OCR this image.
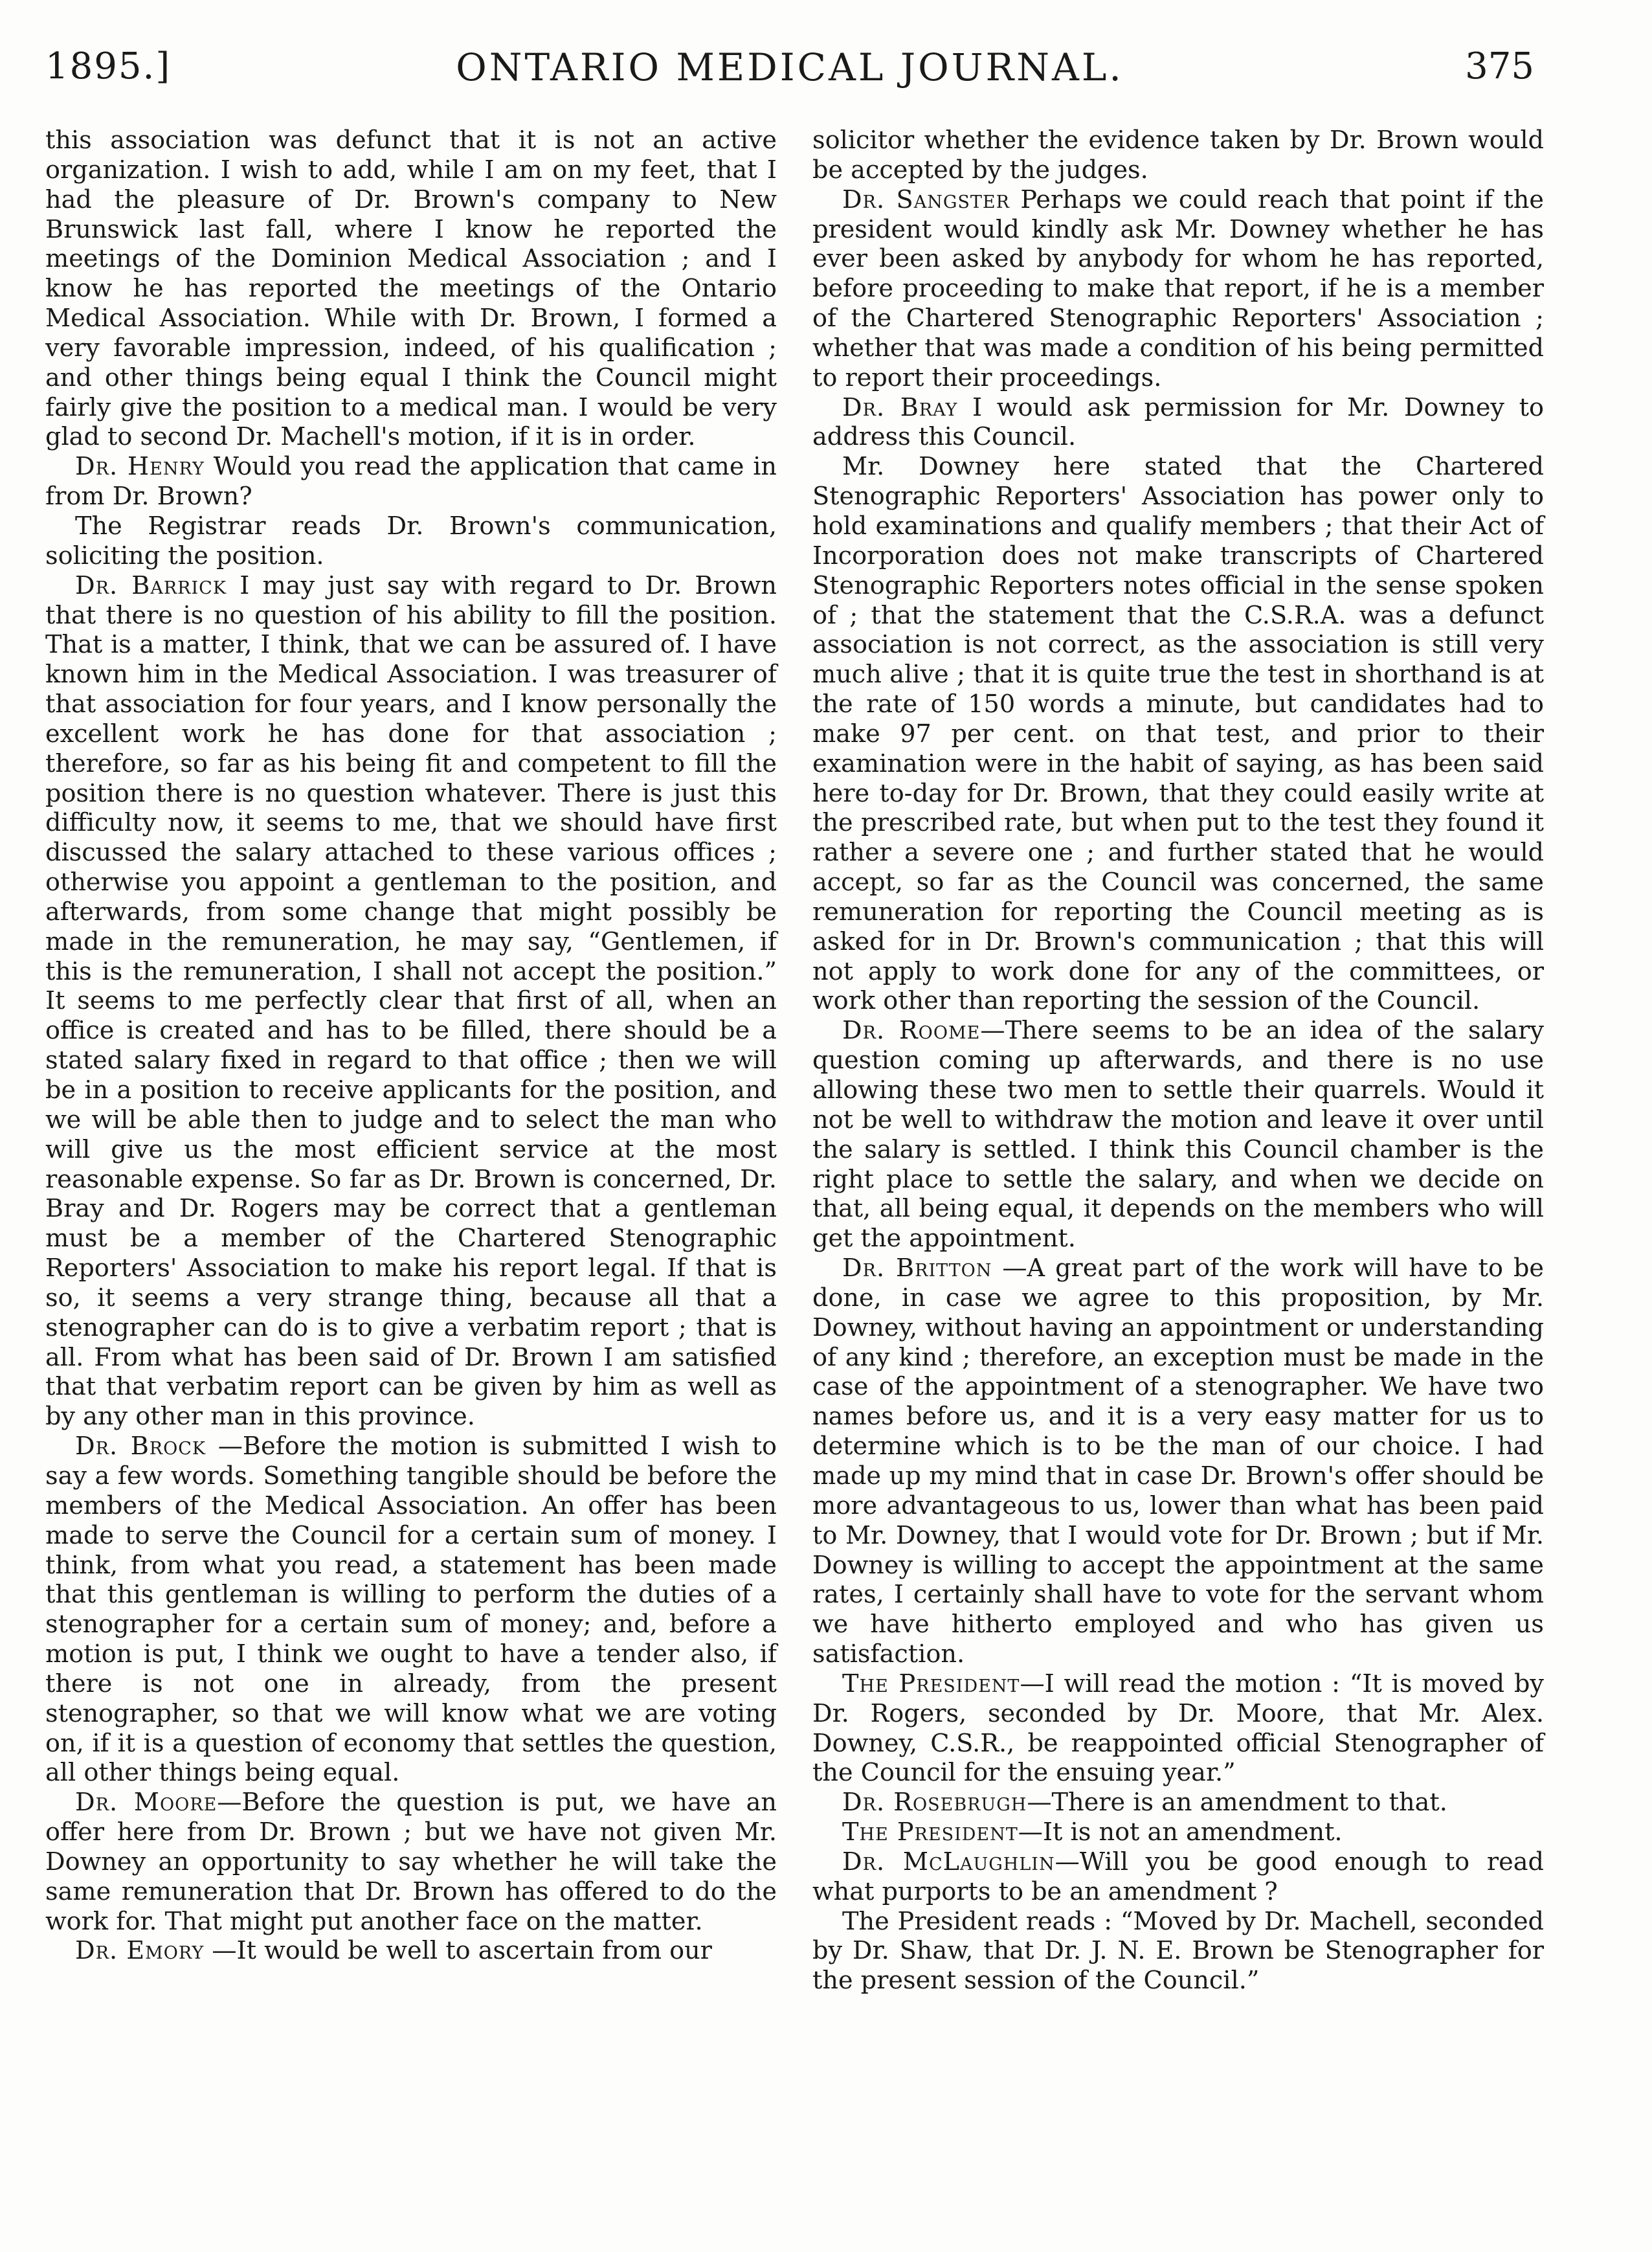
1895.]	ONTARIO MEDICAL JOURNAL.	375

this association was defunct that it is not an active organization. I wish to add, while I am on my feet, that I had the pleasure of Dr. Brown's company to New Brunswick last fall, where I know he reported the meetings of the Dominion Medical Association ; and I know he has reported the meetings of the Ontario Medical Association. While with Dr. Brown, I formed a very favorable impression, indeed, of his qualification ; and other things being equal I think the Council might fairly give the position to a medical man. I would be very glad to second Dr. Machell's motion, if it is in order.

Dr. Henry Would you read the application that came in from Dr. Brown?

The Registrar reads Dr. Brown's communication, soliciting the position.

Dr. Barrick I may just say with regard to Dr. Brown that there is no question of his ability to fill the position. That is a matter, I think, that we can be assured of. I have known him in the Medical Association. I was treasurer of that association for four years, and I know personally the excellent work he has done for that association ; therefore, so far as his being fit and competent to fill the position there is no question whatever. There is just this difficulty now, it seems to me, that we should have first discussed the salary attached to these various offices ; otherwise you appoint a gentleman to the position, and afterwards, from some change that might possibly be made in the remuneration, he may say, “Gentlemen, if this is the remuneration, I shall not accept the position.” It seems to me perfectly clear that first of all, when an office is created and has to be filled, there should be a stated salary fixed in regard to that office ; then we will be in a position to receive applicants for the position, and we will be able then to judge and to select the man who will give us the most efficient service at the most reasonable expense. So far as Dr. Brown is concerned, Dr. Bray and Dr. Rogers may be correct that a gentleman must be a member of the Chartered Stenographic Reporters' Association to make his report legal. If that is so, it seems a very strange thing, because all that a stenographer can do is to give a verbatim report ; that is all. From what has been said of Dr. Brown I am satisfied that that verbatim report can be given by him as well as by any other man in this province.

Dr. Brock —Before the motion is submitted I wish to say a few words. Something tangible should be before the members of the Medical Association. An offer has been made to serve the Council for a certain sum of money. I think, from what you read, a statement has been made that this gentleman is willing to perform the duties of a stenographer for a certain sum of money; and, before a motion is put, I think we ought to have a tender also, if there is not one in already, from the present stenographer, so that we will know what we are voting on, if it is a question of economy that settles the question, all other things being equal.

Dr. Moore—Before the question is put, we have an offer here from Dr. Brown ; but we have not given Mr. Downey an opportunity to say whether he will take the same remuneration that Dr. Brown has offered to do the work for. That might put another face on the matter.

Dr. Emory —It would be well to ascertain from our

solicitor whether the evidence taken by Dr. Brown would be accepted by the judges.

Dr. Sangster Perhaps we could reach that point if the president would kindly ask Mr. Downey whether he has ever been asked by anybody for whom he has reported, before proceeding to make that report, if he is a member of the Chartered Stenographic Reporters' Association ; whether that was made a condition of his being permitted to report their proceedings.

Dr. Bray I would ask permission for Mr. Downey to address this Council.

Mr. Downey here stated that the Chartered Stenographic Reporters' Association has power only to hold examinations and qualify members ; that their Act of Incorporation does not make transcripts of Chartered Stenographic Reporters notes official in the sense spoken of ; that the statement that the C.S.R.A. was a defunct association is not correct, as the association is still very much alive ; that it is quite true the test in shorthand is at the rate of 150 words a minute, but candidates had to make 97 per cent. on that test, and prior to their examination were in the habit of saying, as has been said here to-day for Dr. Brown, that they could easily write at the prescribed rate, but when put to the test they found it rather a severe one ; and further stated that he would accept, so far as the Council was concerned, the same remuneration for reporting the Council meeting as is asked for in Dr. Brown's communication ; that this will not apply to work done for any of the committees, or work other than reporting the session of the Council.

Dr. Roome—There seems to be an idea of the salary question coming up afterwards, and there is no use allowing these two men to settle their quarrels. Would it not be well to withdraw the motion and leave it over until the salary is settled. I think this Council chamber is the right place to settle the salary, and when we decide on that, all being equal, it depends on the members who will get the appointment.

Dr. Britton —A great part of the work will have to be done, in case we agree to this proposition, by Mr. Downey, without having an appointment or understanding of any kind ; therefore, an exception must be made in the case of the appointment of a stenographer. We have two names before us, and it is a very easy matter for us to determine which is to be the man of our choice. I had made up my mind that in case Dr. Brown's offer should be more advantageous to us, lower than what has been paid to Mr. Downey, that I would vote for Dr. Brown ; but if Mr. Downey is willing to accept the appointment at the same rates, I certainly shall have to vote for the servant whom we have hitherto employed and who has given us satisfaction.

The President—I will read the motion : “It is moved by Dr. Rogers, seconded by Dr. Moore, that Mr. Alex. Downey, C.S.R., be reappointed official Stenographer of the Council for the ensuing year.”

Dr. Rosebrugh—There is an amendment to that.

The President—It is not an amendment.

Dr. McLaughlin—Will you be good enough to read what purports to be an amendment ?

The President reads : “Moved by Dr. Machell, seconded by Dr. Shaw, that Dr. J. N. E. Brown be Stenographer for the present session of the Council.”
